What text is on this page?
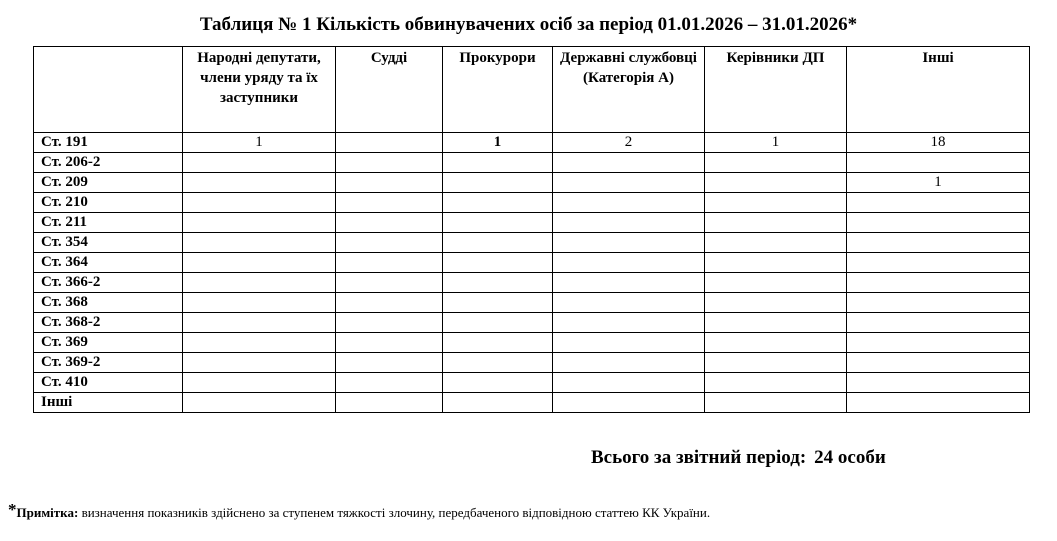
Таблиця № 1 Кількість обвинувачених осіб за період 01.01.2026 – 31.01.2026*
	Народні депутати, члени уряду та їх заступники	Судді	Прокурори	Державні службовці (Категорія А)	Керівники ДП	Інші
Ст. 191	1		1	2	1	18
Ст. 206-2						
Ст. 209						1
Ст. 210						
Ст. 211						
Ст. 354						
Ст. 364						
Ст. 366-2						
Ст. 368						
Ст. 368-2						
Ст. 369						
Ст. 369-2						
Ст. 410						
Інші						
Всього за звітний період: 24 особи
*Примітка: визначення показників здійснено за ступенем тяжкості злочину, передбаченого відповідною статтею КК України.
